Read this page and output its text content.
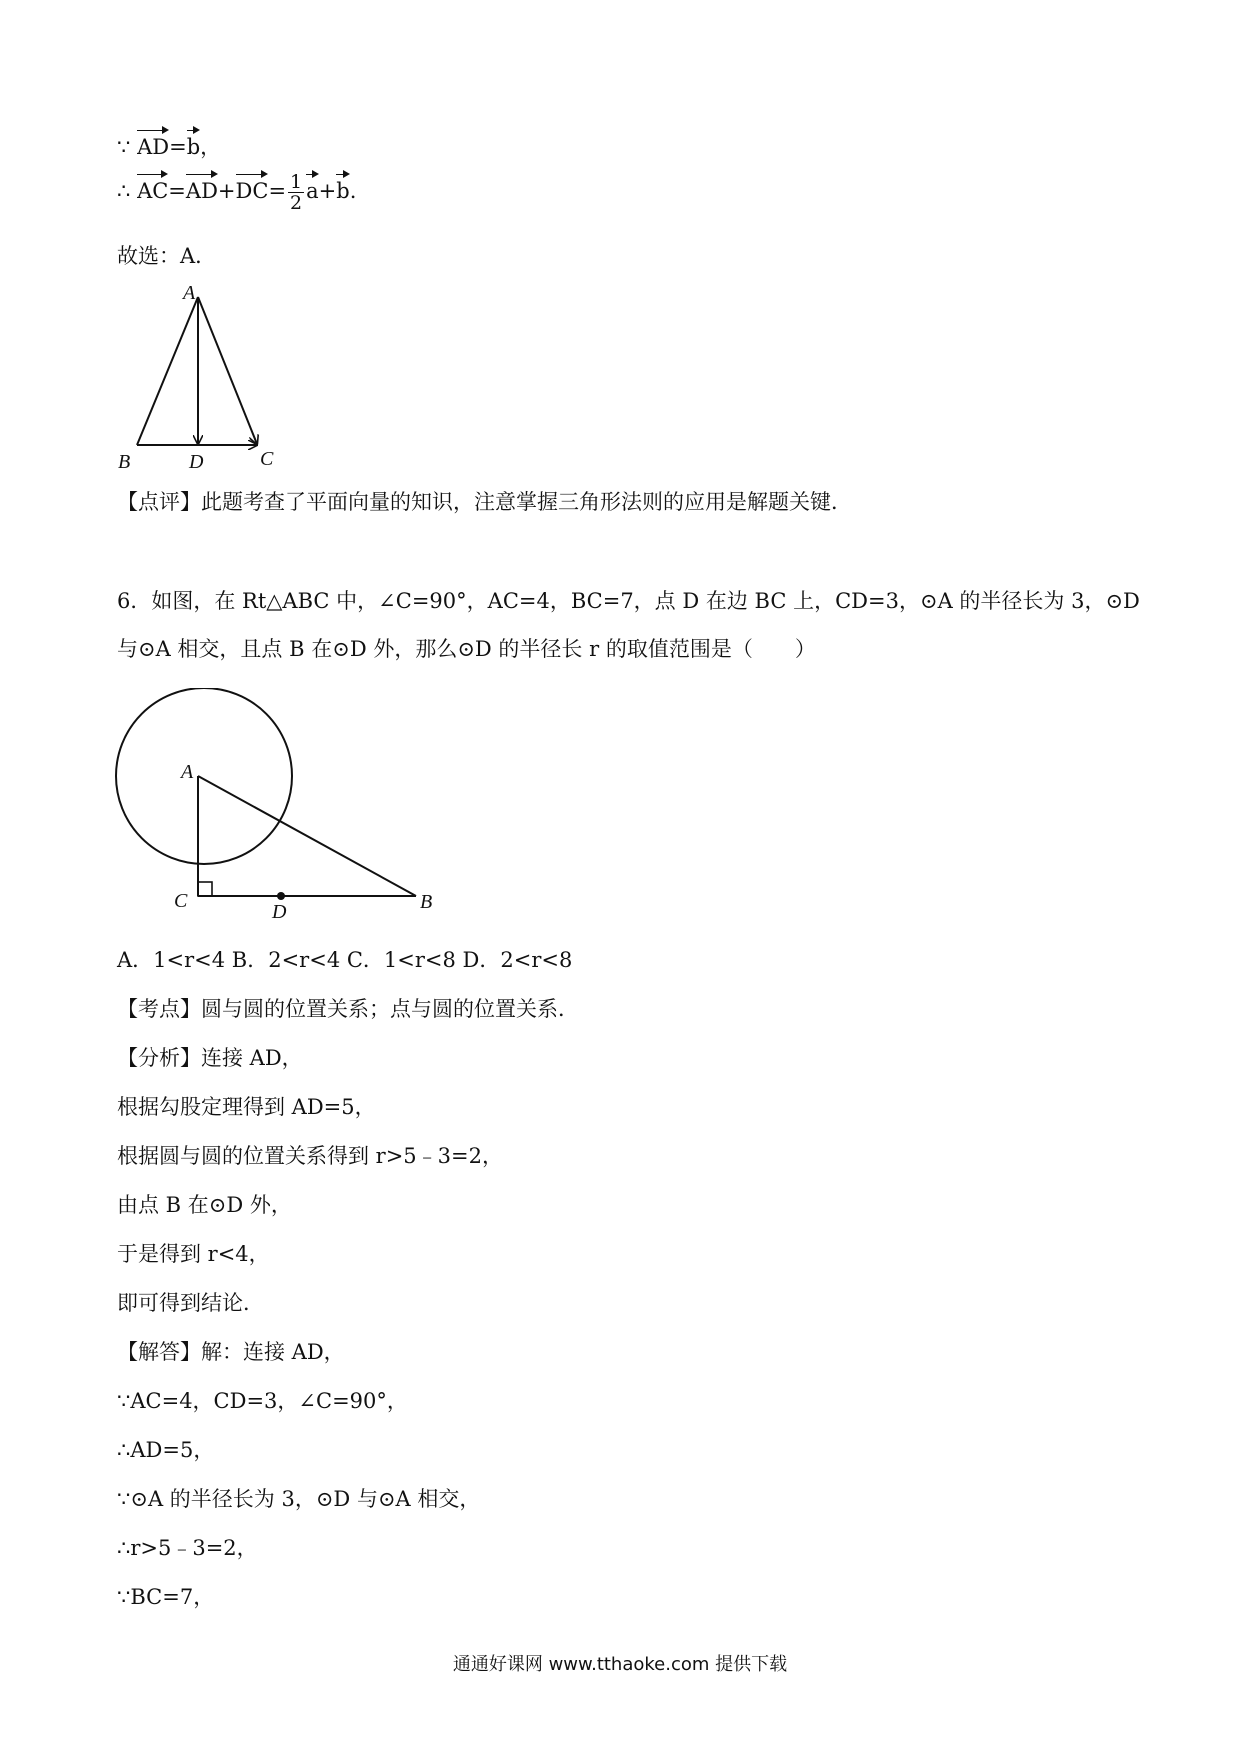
∵ AD=b，
∴ $AC=AD+DC= \frac{1}{2} a+b$.
故选：A．
A
B	D	C
【点评】此题考查了平面向量的知识，注意掌握三角形法则的应用是解题关键．
6．如图，在 Rt△ABC 中，∠C=90°，AC=4，BC=7，点 D 在边 BC 上，CD=3，⊙A 的半径长为 3，⊙D
与⊙A 相交，且点 B 在⊙D 外，那么⊙D 的半径长 r 的取值范围是（　　）
A
C	D	B
A．1<r<4 B．2<r<4 C．1<r<8 D．2<r<8
【考点】圆与圆的位置关系；点与圆的位置关系．
【分析】连接 AD，
根据勾股定理得到 AD=5，
根据圆与圆的位置关系得到 r>5﹣3=2，
由点 B 在⊙D 外，
于是得到 r<4，
即可得到结论．
【解答】解：连接 AD，
∵AC=4，CD=3，∠C=90°，
∴AD=5，
∵⊙A 的半径长为 3，⊙D 与⊙A 相交，
∴r>5﹣3=2，
∵BC=7，
通通好课网 www.tthaoke.com 提供下载
